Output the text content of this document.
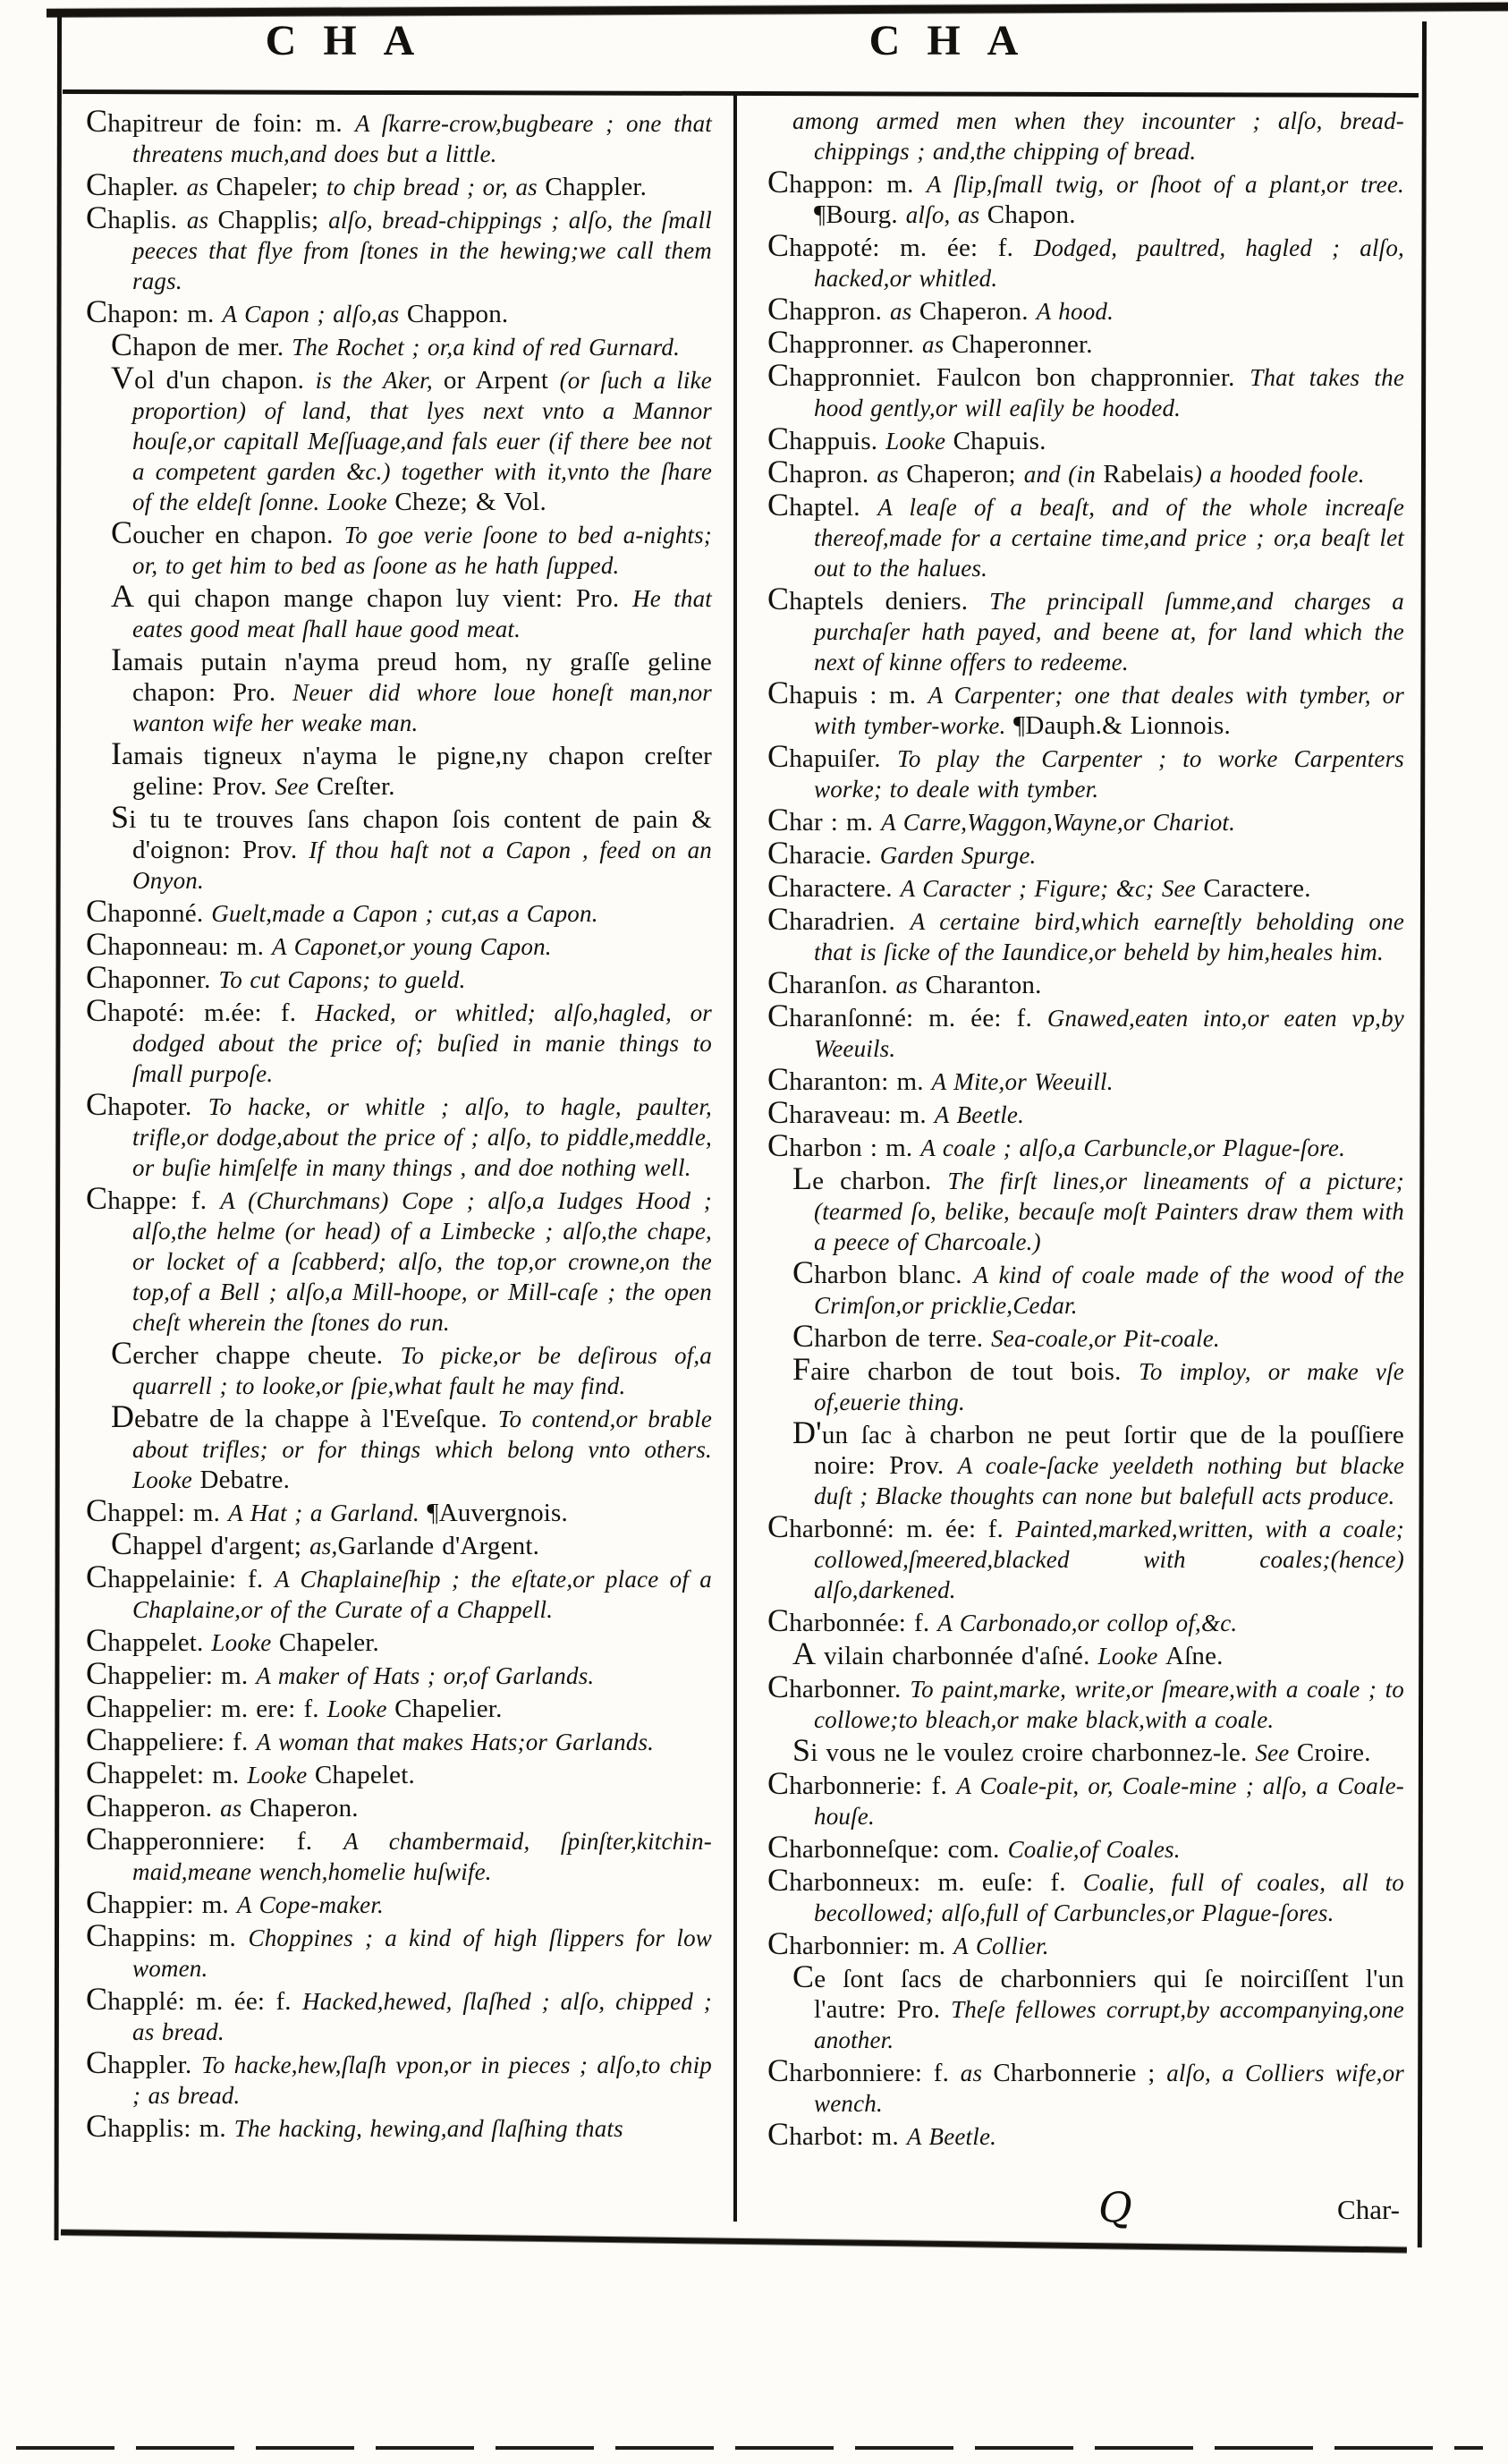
CHA	CHA

Chapitreur de foin: m. A ſkarre-crow,bugbeare ; one that threatens much,and does but a little.

Chapler. as Chapeler; to chip bread ; or, as Chappler.

Chaplis. as Chapplis; alſo, bread-chippings ; alſo, the ſmall peeces that flye from ſtones in the hewing;we call them rags.

Chapon: m. A Capon ; alſo,as Chappon.

Chapon de mer. The Rochet ; or,a kind of red Gurnard.

Vol d'un chapon. is the Aker, or Arpent (or ſuch a like proportion) of land, that lyes next vnto a Mannor houſe,or capitall Meſſuage,and fals euer (if there bee not a competent garden &c.) together with it,vnto the ſhare of the eldeſt ſonne. Looke Cheze; & Vol.

Coucher en chapon. To goe verie ſoone to bed a-nights; or, to get him to bed as ſoone as he hath ſupped.

A qui chapon mange chapon luy vient: Pro. He that eates good meat ſhall haue good meat.

Iamais putain n'ayma preud hom, ny graſſe geline chapon: Pro. Neuer did whore loue honeſt man,nor wanton wife her weake man.

Iamais tigneux n'ayma le pigne,ny chapon creſter geline: Prov. See Creſter.

Si tu te trouves ſans chapon ſois content de pain & d'oignon: Prov. If thou haſt not a Capon , feed on an Onyon.

Chaponné. Guelt,made a Capon ; cut,as a Capon.

Chaponneau: m. A Caponet,or young Capon.

Chaponner. To cut Capons; to gueld.

Chapoté: m.ée: f. Hacked, or whitled; alſo,hagled, or dodged about the price of; buſied in manie things to ſmall purpoſe.

Chapoter. To hacke, or whitle ; alſo, to hagle, paulter, trifle,or dodge,about the price of ; alſo, to piddle,meddle, or buſie himſelfe in many things , and doe nothing well.

Chappe: f. A (Churchmans) Cope ; alſo,a Iudges Hood ; alſo,the helme (or head) of a Limbecke ; alſo,the chape, or locket of a ſcabberd; alſo, the top,or crowne,on the top,of a Bell ; alſo,a Mill-hoope, or Mill-caſe ; the open cheſt wherein the ſtones do run.

Cercher chappe cheute. To picke,or be deſirous of,a quarrell ; to looke,or ſpie,what fault he may find.

Debatre de la chappe à l'Eveſque. To contend,or brable about trifles; or for things which belong vnto others. Looke Debatre.

Chappel: m. A Hat ; a Garland. ¶Auvergnois.

Chappel d'argent; as,Garlande d'Argent.

Chappelainie: f. A Chaplaineſhip ; the eſtate,or place of a Chaplaine,or of the Curate of a Chappell.

Chappelet. Looke Chapeler.

Chappelier: m. A maker of Hats ; or,of Garlands.

Chappelier: m. ere: f. Looke Chapelier.

Chappeliere: f. A woman that makes Hats;or Garlands.

Chappelet: m. Looke Chapelet.

Chapperon. as Chaperon.

Chapperonniere: f. A chambermaid, ſpinſter,kitchin-maid,meane wench,homelie huſwife.

Chappier: m. A Cope-maker.

Chappins: m. Choppines ; a kind of high ſlippers for low women.

Chapplé: m. ée: f. Hacked,hewed, ſlaſhed ; alſo, chipped ; as bread.

Chappler. To hacke,hew,ſlaſh vpon,or in pieces ; alſo,to chip ; as bread.

Chapplis: m. The hacking, hewing,and ſlaſhing thats

among armed men when they incounter ; alſo, bread-chippings ; and,the chipping of bread.

Chappon: m. A ſlip,ſmall twig, or ſhoot of a plant,or tree. ¶Bourg. alſo, as Chapon.

Chappoté: m. ée: f. Dodged, paultred, hagled ; alſo, hacked,or whitled.

Chappron. as Chaperon. A hood.

Chappronner. as Chaperonner.

Chappronniet. Faulcon bon chappronnier. That takes the hood gently,or will eaſily be hooded.

Chappuis. Looke Chapuis.

Chapron. as Chaperon; and (in Rabelais) a hooded foole.

Chaptel. A leaſe of a beaſt, and of the whole increaſe thereof,made for a certaine time,and price ; or,a beaſt let out to the halues.

Chaptels deniers. The principall ſumme,and charges a purchaſer hath payed, and beene at, for land which the next of kinne offers to redeeme.

Chapuis : m. A Carpenter; one that deales with tymber, or with tymber-worke. ¶Dauph.& Lionnois.

Chapuiſer. To play the Carpenter ; to worke Carpenters worke; to deale with tymber.

Char : m. A Carre,Waggon,Wayne,or Chariot.

Characie. Garden Spurge.

Charactere. A Caracter ; Figure; &c; See Caractere.

Charadrien. A certaine bird,which earneſtly beholding one that is ſicke of the Iaundice,or beheld by him,heales him.

Charanſon. as Charanton.

Charanſonné: m. ée: f. Gnawed,eaten into,or eaten vp,by Weeuils.

Charanton: m. A Mite,or Weeuill.

Charaveau: m. A Beetle.

Charbon : m. A coale ; alſo,a Carbuncle,or Plague-ſore.

Le charbon. The firſt lines,or lineaments of a picture; (tearmed ſo, belike, becauſe moſt Painters draw them with a peece of Charcoale.)

Charbon blanc. A kind of coale made of the wood of the Crimſon,or pricklie,Cedar.

Charbon de terre. Sea-coale,or Pit-coale.

Faire charbon de tout bois. To imploy, or make vſe of,euerie thing.

D'un ſac à charbon ne peut ſortir que de la pouſſiere noire: Prov. A coale-ſacke yeeldeth nothing but blacke duſt ; Blacke thoughts can none but balefull acts produce.

Charbonné: m. ée: f. Painted,marked,written, with a coale; collowed,ſmeered,blacked with coales;(hence) alſo,darkened.

Charbonnée: f. A Carbonado,or collop of,&c.

A vilain charbonnée d'aſné. Looke Aſne.

Charbonner. To paint,marke, write,or ſmeare,with a coale ; to collowe;to bleach,or make black,with a coale.

Si vous ne le voulez croire charbonnez-le. See Croire.

Charbonnerie: f. A Coale-pit, or, Coale-mine ; alſo, a Coale-houſe.

Charbonneſque: com. Coalie,of Coales.

Charbonneux: m. euſe: f. Coalie, full of coales, all to becollowed; alſo,full of Carbuncles,or Plague-ſores.

Charbonnier: m. A Collier.

Ce ſont ſacs de charbonniers qui ſe noirciſſent l'un l'autre: Pro. Theſe fellowes corrupt,by accompanying,one another.

Charbonniere: f. as Charbonnerie ; alſo, a Colliers wife,or wench.

Charbot: m. A Beetle.

Q	Char-
